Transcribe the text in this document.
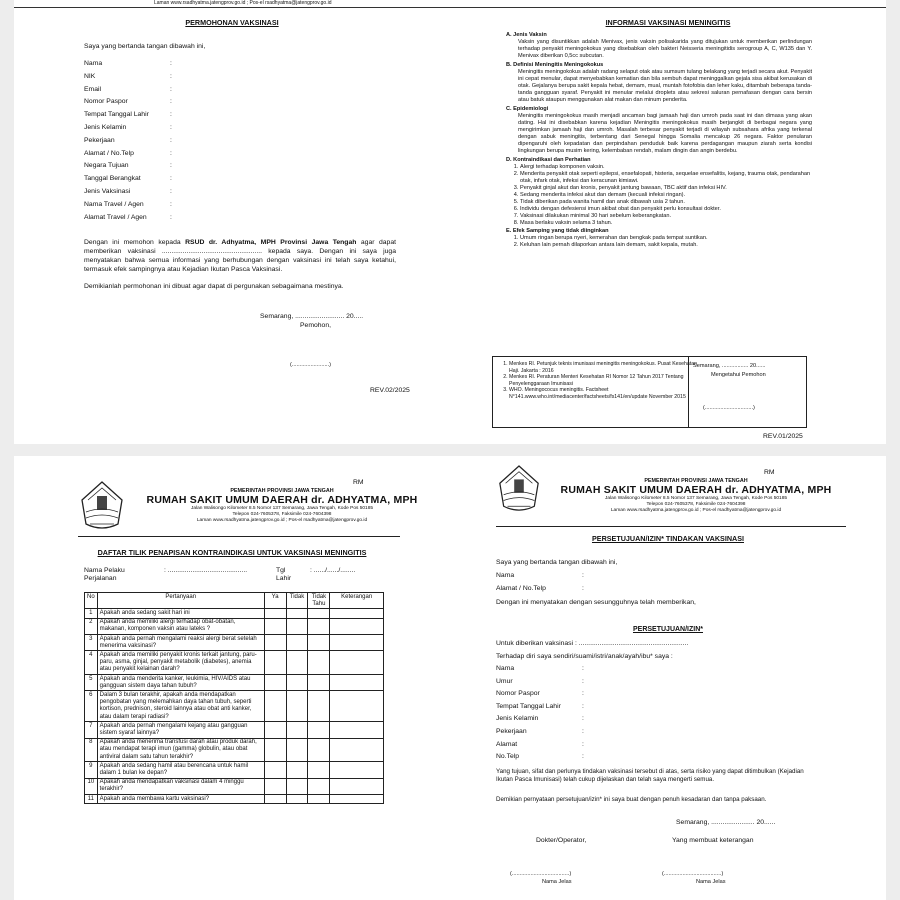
Laman www.rsadhyatma.jatengprov.go.id ; Pos-el rsadhyatma@jatengprov.go.id
PERMOHONAN VAKSINASI
Saya yang bertanda tangan dibawah ini,
Nama	:
NIK	:
Email	:
Nomor Paspor	:
Tempat Tanggal Lahir	:
Jenis Kelamin	:
Pekerjaan	:
Alamat / No.Telp	:
Negara Tujuan	:
Tanggal Berangkat	:
Jenis Vaksinasi	:
Nama Travel / Agen	:
Alamat Travel / Agen	:
Dengan ini memohon kepada RSUD dr. Adhyatma, MPH Provinsi Jawa Tengah agar dapat memberikan vaksinasi ..................................................... kepada saya. Dengan ini saya juga menyatakan bahwa semua informasi yang berhubungan dengan vaksinasi ini telah saya ketahui, termasuk efek sampingnya atau Kejadian Ikutan Pasca Vaksinasi.
Demikianlah permohonan ini dibuat agar dapat di pergunakan sebagaimana mestinya.
Semarang, .......................... 20.....
Pemohon,
(........................)
REV.02/2025
INFORMASI VAKSINASI MENINGITIS
A. Jenis Vaksin
Vaksin yang disuntikkan adalah Menivax, jenis vaksin polisakarida yang ditujukan untuk memberikan perlindungan terhadap penyakit meningokokus yang disebabkan oleh bakteri Neisseria meningitidis serogroup A, C, W135 dan Y. Menivax diberikan 0,5cc subcutan.
B. Definisi Meningitis Meningokokus
Meningitis meningokokus adalah radang selaput otak atau sumsum tulang belakang yang terjadi secara akut. Penyakit ini cepat menular, dapat menyebabkan kematian dan bila sembuh dapat meninggalkan gejala sisa akibat kerusakan di otak. Gejalanya berupa sakit kepala hebat, demam, mual, muntah fotofobia dan leher kaku, ditambah beberapa tanda-tanda gangguan syaraf. Penyakit ini menular melalui droplets atau sekresi saluran pernafasan dengan cara bersin atau batuk ataupun menggunakan alat makan dan minum penderita.
C. Epidemiologi
Meningitis meningokokus masih menjadi ancaman bagi jamaah haji dan umroh pada saat ini dan dimasa yang akan dating. Hal ini disebabkan karena kejadian Meningitis meningokokus masih berjangkit di berbagai negara yang mengirimkan jamaah haji dan umroh. Masalah terbesar penyakit terjadi di wilayah subsahara afrika yang terkenal dengan sabuk meningitis, terbentang dari Senegal hingga Somalia mencakup 26 negara. Faktor penularan dipengaruhi oleh kepadatan dan perpindahan penduduk baik karena perdagangan maupun ziarah serta kondisi lingkungan berupa musim kering, kelembaban rendah, malam dingin dan angin berdebu.
D. Kontraindikasi dan Perhatian
1. Alergi terhadap komponen vaksin.
2. Menderita penyakit otak seperti epilepsi, ensefalopati, histeria, sequelae ensefalitis, kejang, trauma otak, pendarahan otak, infark otak, infeksi dan keracunan kimiawi.
3. Penyakit ginjal akut dan kronis, penyakit jantung bawaan, TBC aktif dan infeksi HIV.
4. Sedang menderita infeksi akut dan demam (kecuali infeksi ringan).
5. Tidak diberikan pada wanita hamil dan anak dibawah usia 2 tahun.
6. Individu dengan defesiensi imun akibat obat dan penyakit perlu konsultasi dokter.
7. Vaksinasi dilakukan minimal 30 hari sebelum keberangkatan.
8. Masa berlaku vaksin selama 3 tahun.
E. Efek Samping yang tidak diinginkan
1. Umum ringan berupa nyeri, kemerahan dan bengkak pada tempat suntikan.
2. Keluhan lain pernah dilaporkan antara lain demam, sakit kepala, mutah.
1. Menkes RI. Petunjuk teknis imunisasi meningitis meningokokus. Pusat Kesehatan Haji. Jakarta : 2016
2. Menkes RI. Peraturan Menteri Kesehatan RI Nomor 12 Tahun 2017 Tentang Penyelenggaraan Imunisasi
3. WHO. Meningococus meningitis. Factsheet N°141.www.who.int/mediacenter/factsheets/fs141/en/update November 2015
Semarang, ................. 20......
Mengetahui Pemohon
(...............................)
REV.01/2025
RM
PEMERINTAH PROVINSI JAWA TENGAH
RUMAH SAKIT UMUM DAERAH dr. ADHYATMA, MPH
Jalan Walisongo Kilometer 8.5 Nomor 137 Semarang, Jawa Tengah, Kode Pos 50185
Telepon 024-7605378, Faksimile 024-7604398
Laman www.rsadhyatma.jatengprov.go.id ; Pos-el rsadhyatma@jatengprov.go.id
DAFTAR TILIK PENAPISAN KONTRAINDIKASI UNTUK VAKSINASI MENINGITIS
Nama Pelaku
Perjalanan
: ..........................................	Tgl
Lahir
: ....../....../........
No	Pertanyaan	Ya	Tidak	Tidak Tahu	Keterangan
1	Apakah anda sedang sakit hari ini				
2	Apakah anda memiliki alergi terhadap obat-obatan, makanan, komponen vaksin atau lateks ?				
3	Apakah anda pernah mengalami reaksi alergi berat setelah menerima vaksinasi?				
4	Apakah anda memiliki penyakit kronis terkait jantung, paru-paru, asma, ginjal, penyakit metabolik (diabetes), anemia atau penyakit kelainan darah?				
5	Apakah anda menderita kanker, leukimia, HIV/AIDS atau gangguan sistem daya tahan tubuh?				
6	Dalam 3 bulan terakhir, apakah anda mendapatkan pengobatan yang melemahkan daya tahan tubuh, seperti kortison, prednison, steroid lainnya atau obat anti kanker, atau dalam terapi radiasi?				
7	Apakah anda pernah mengalami kejang atau gangguan sistem syaraf lainnya?				
8	Apakah anda menerima transfusi darah atau produk darah, atau mendapat terapi imun (gamma) globulin, atau obat antiviral dalam satu tahun terakhir?				
9	Apakah anda sedang hamil atau berencana untuk hamil dalam 1 bulan ke depan?				
10	Apakah anda mendapatkan vaksinasi dalam 4 minggu terakhir?				
11	Apakah anda membawa kartu vaksinasi?				
RM
PEMERINTAH PROVINSI JAWA TENGAH
RUMAH SAKIT UMUM DAERAH dr. ADHYATMA, MPH
Jalan Walisongo Kilometer 8.5 Nomor 137 Semarang, Jawa Tengah, Kode Pos 50185
Telepon 024-7605378, Faksimile 024-7604398
Laman www.rsadhyatma.jatengprov.go.id ; Pos-el rsadhyatma@jatengprov.go.id
PERSETUJUAN/IZIN* TINDAKAN VAKSINASI
Saya yang bertanda tangan dibawah ini,
Nama	:
Alamat / No.Telp	:
Dengan ini menyatakan dengan sesungguhnya telah memberikan,
PERSETUJUAN/IZIN*
Untuk diberikan vaksinasi : ..........................................................
Terhadap diri saya sendiri/suami/istri/anak/ayah/ibu* saya :
Nama	:
Umur	:
Nomor Paspor	:
Tempat Tanggal Lahir	:
Jenis Kelamin	:
Pekerjaan	:
Alamat	:
No.Telp	:
Yang tujuan, sifat dan perlunya tindakan vaksinasi tersebut di atas, serta risiko yang dapat ditimbulkan (Kejadian Ikutan Pasca Imunisasi) telah cukup dijelaskan dan telah saya mengerti semua.
Demikian pernyataan persetujuan/izin* ini saya buat dengan penuh kesadaran dan tanpa paksaan.
Semarang, ....................... 20......
Dokter/Operator,	Yang membuat keterangan
(.....................................)	(.....................................)
Nama Jelas	Nama Jelas
